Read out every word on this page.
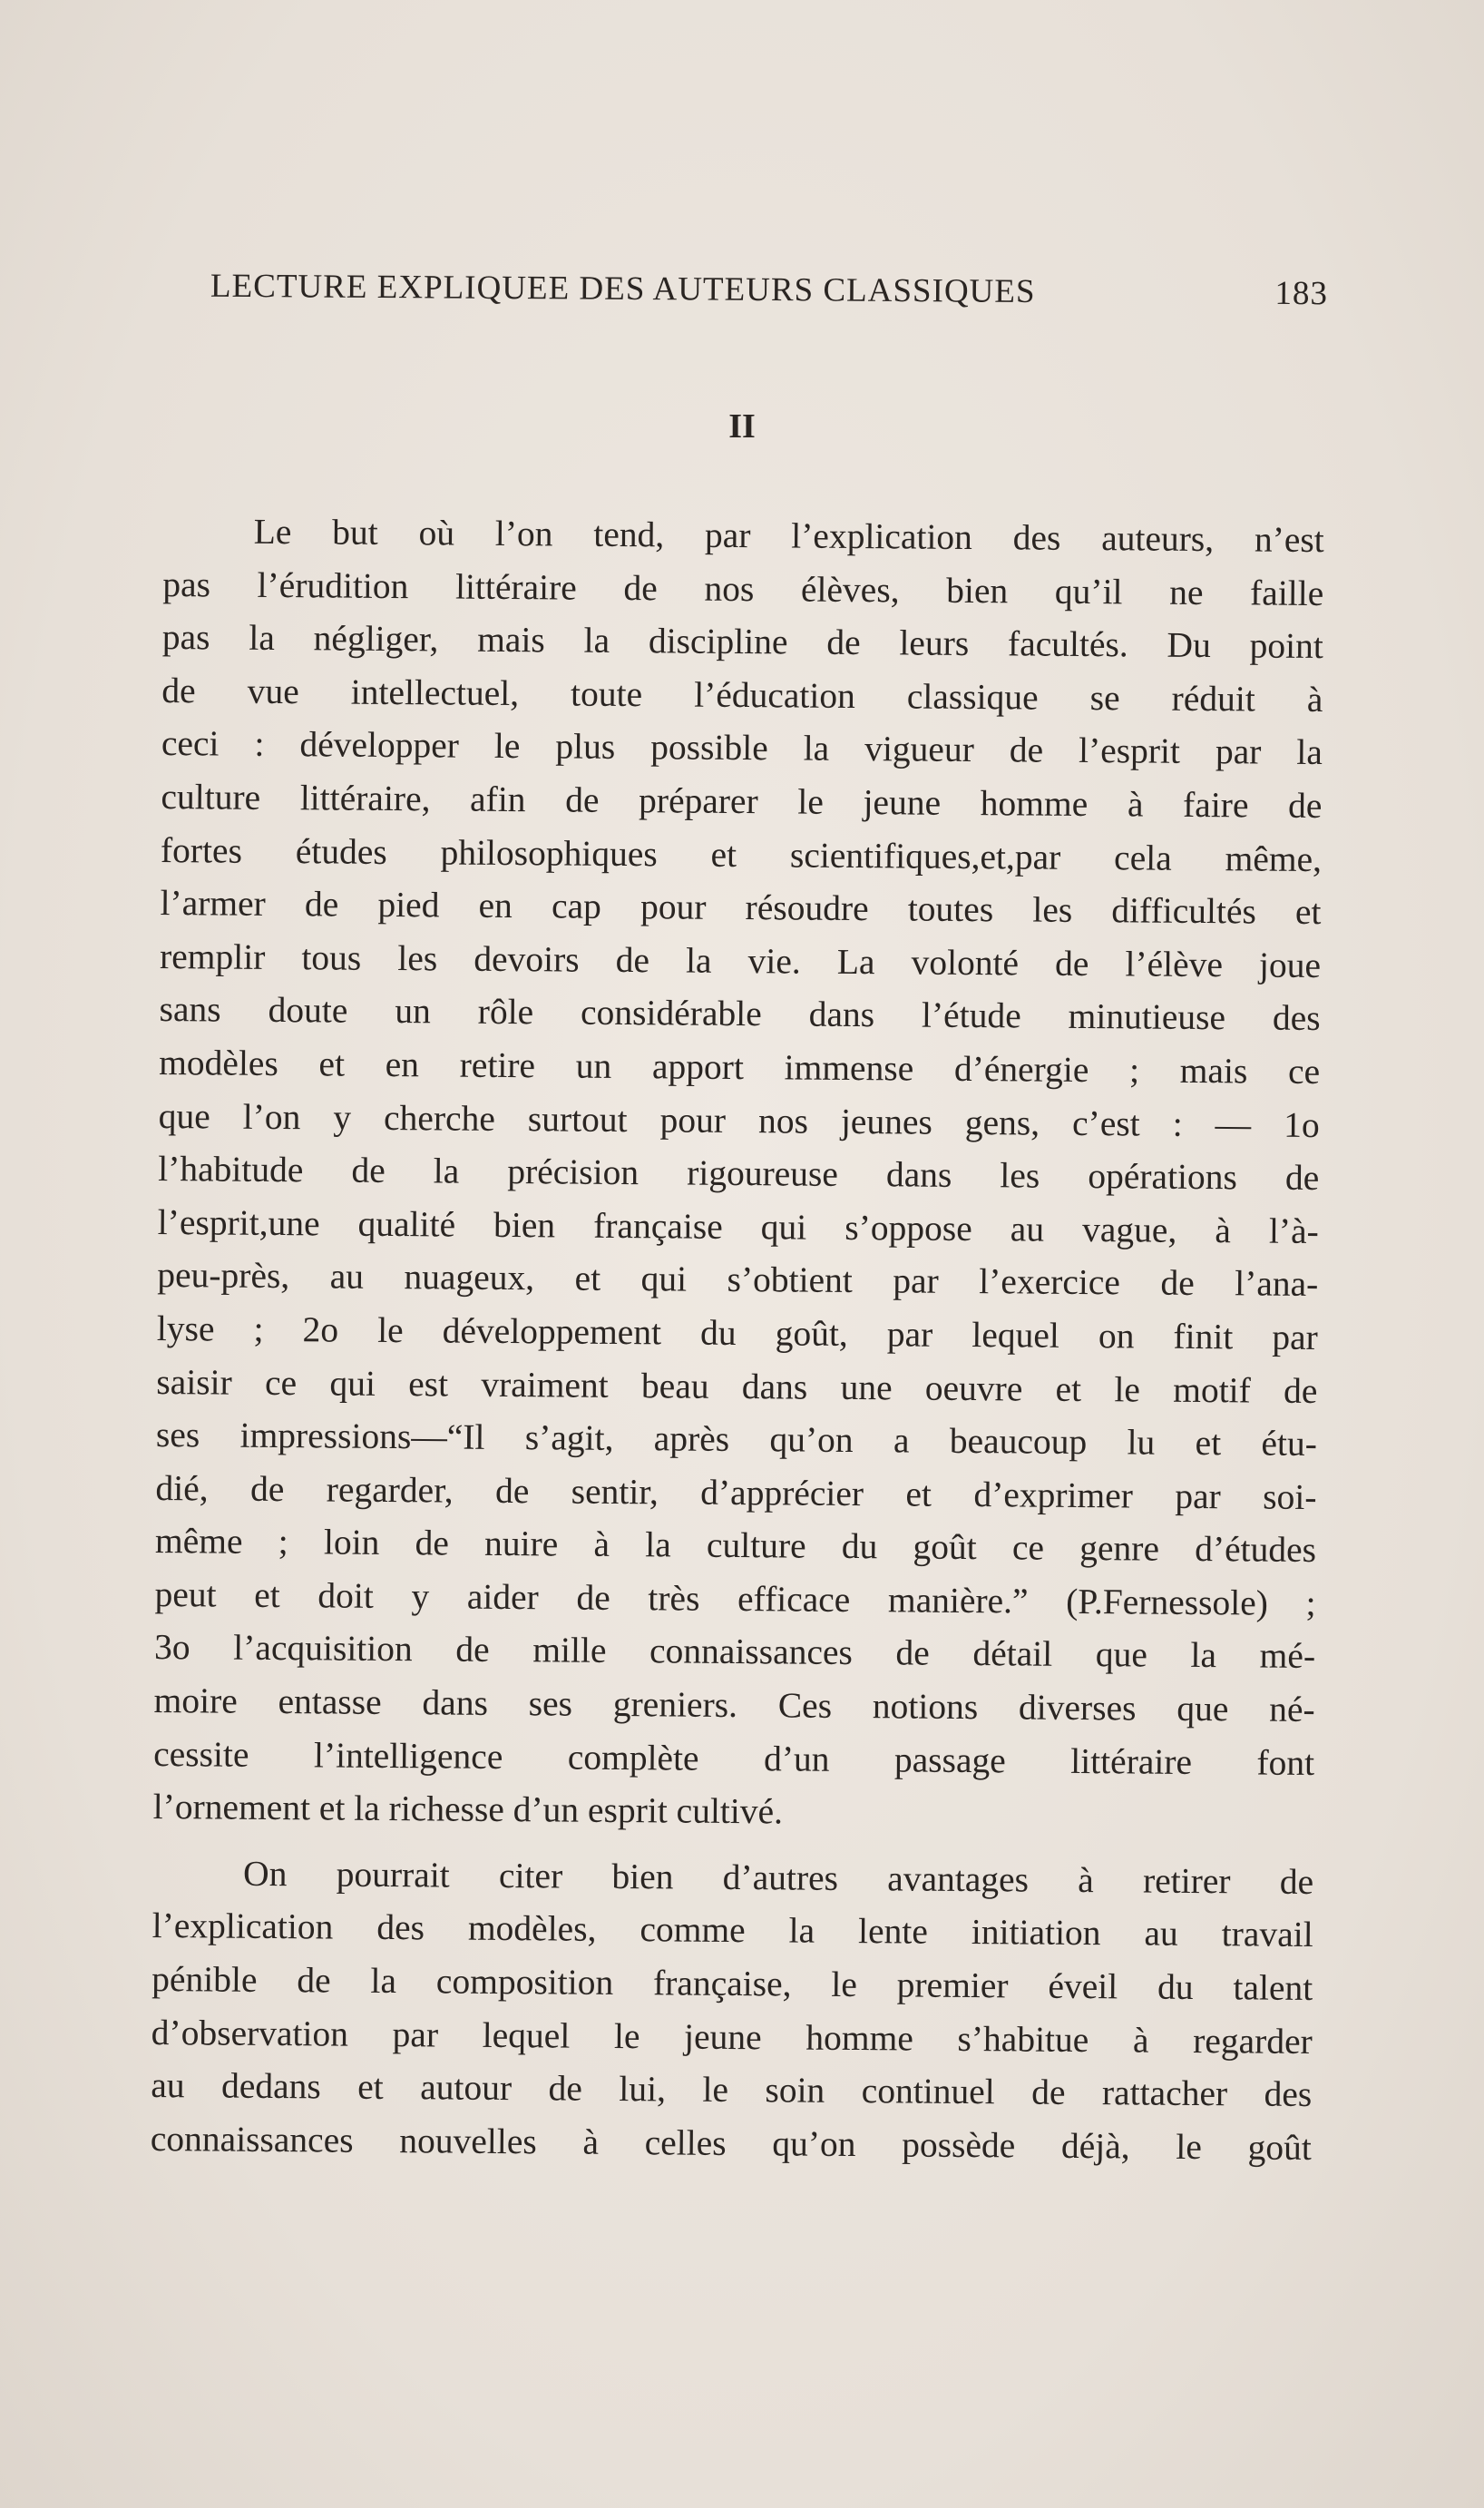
LECTURE EXPLIQUEE DES AUTEURS CLASSIQUES	183
II
Le but où l’on tend, par l’explication des auteurs, n’est
pas l’érudition littéraire de nos élèves, bien qu’il ne faille
pas la négliger, mais la discipline de leurs facultés. Du point
de vue intellectuel, toute l’éducation classique se réduit à
ceci : développer le plus possible la vigueur de l’esprit par la
culture littéraire, afin de préparer le jeune homme à faire de
fortes études philosophiques et scientifiques,et,par cela même,
l’armer de pied en cap pour résoudre toutes les difficultés et
remplir tous les devoirs de la vie. La volonté de l’élève joue
sans doute un rôle considérable dans l’étude minutieuse des
modèles et en retire un apport immense d’énergie ; mais ce
que l’on y cherche surtout pour nos jeunes gens, c’est : — 1o
l’habitude de la précision rigoureuse dans les opérations de
l’esprit,une qualité bien française qui s’oppose au vague, à l’à-
peu-près, au nuageux, et qui s’obtient par l’exercice de l’ana-
lyse ; 2o le développement du goût, par lequel on finit par
saisir ce qui est vraiment beau dans une oeuvre et le motif de
ses impressions—“Il s’agit, après qu’on a beaucoup lu et étu-
dié, de regarder, de sentir, d’apprécier et d’exprimer par soi-
même ; loin de nuire à la culture du goût ce genre d’études
peut et doit y aider de très efficace manière.” (P.Fernessole) ;
3o l’acquisition de mille connaissances de détail que la mé-
moire entasse dans ses greniers. Ces notions diverses que né-
cessite l’intelligence complète d’un passage littéraire font
l’ornement et la richesse d’un esprit cultivé.
On pourrait citer bien d’autres avantages à retirer de
l’explication des modèles, comme la lente initiation au travail
pénible de la composition française, le premier éveil du talent
d’observation par lequel le jeune homme s’habitue à regarder
au dedans et autour de lui, le soin continuel de rattacher des
connaissances nouvelles à celles qu’on possède déjà, le goût
